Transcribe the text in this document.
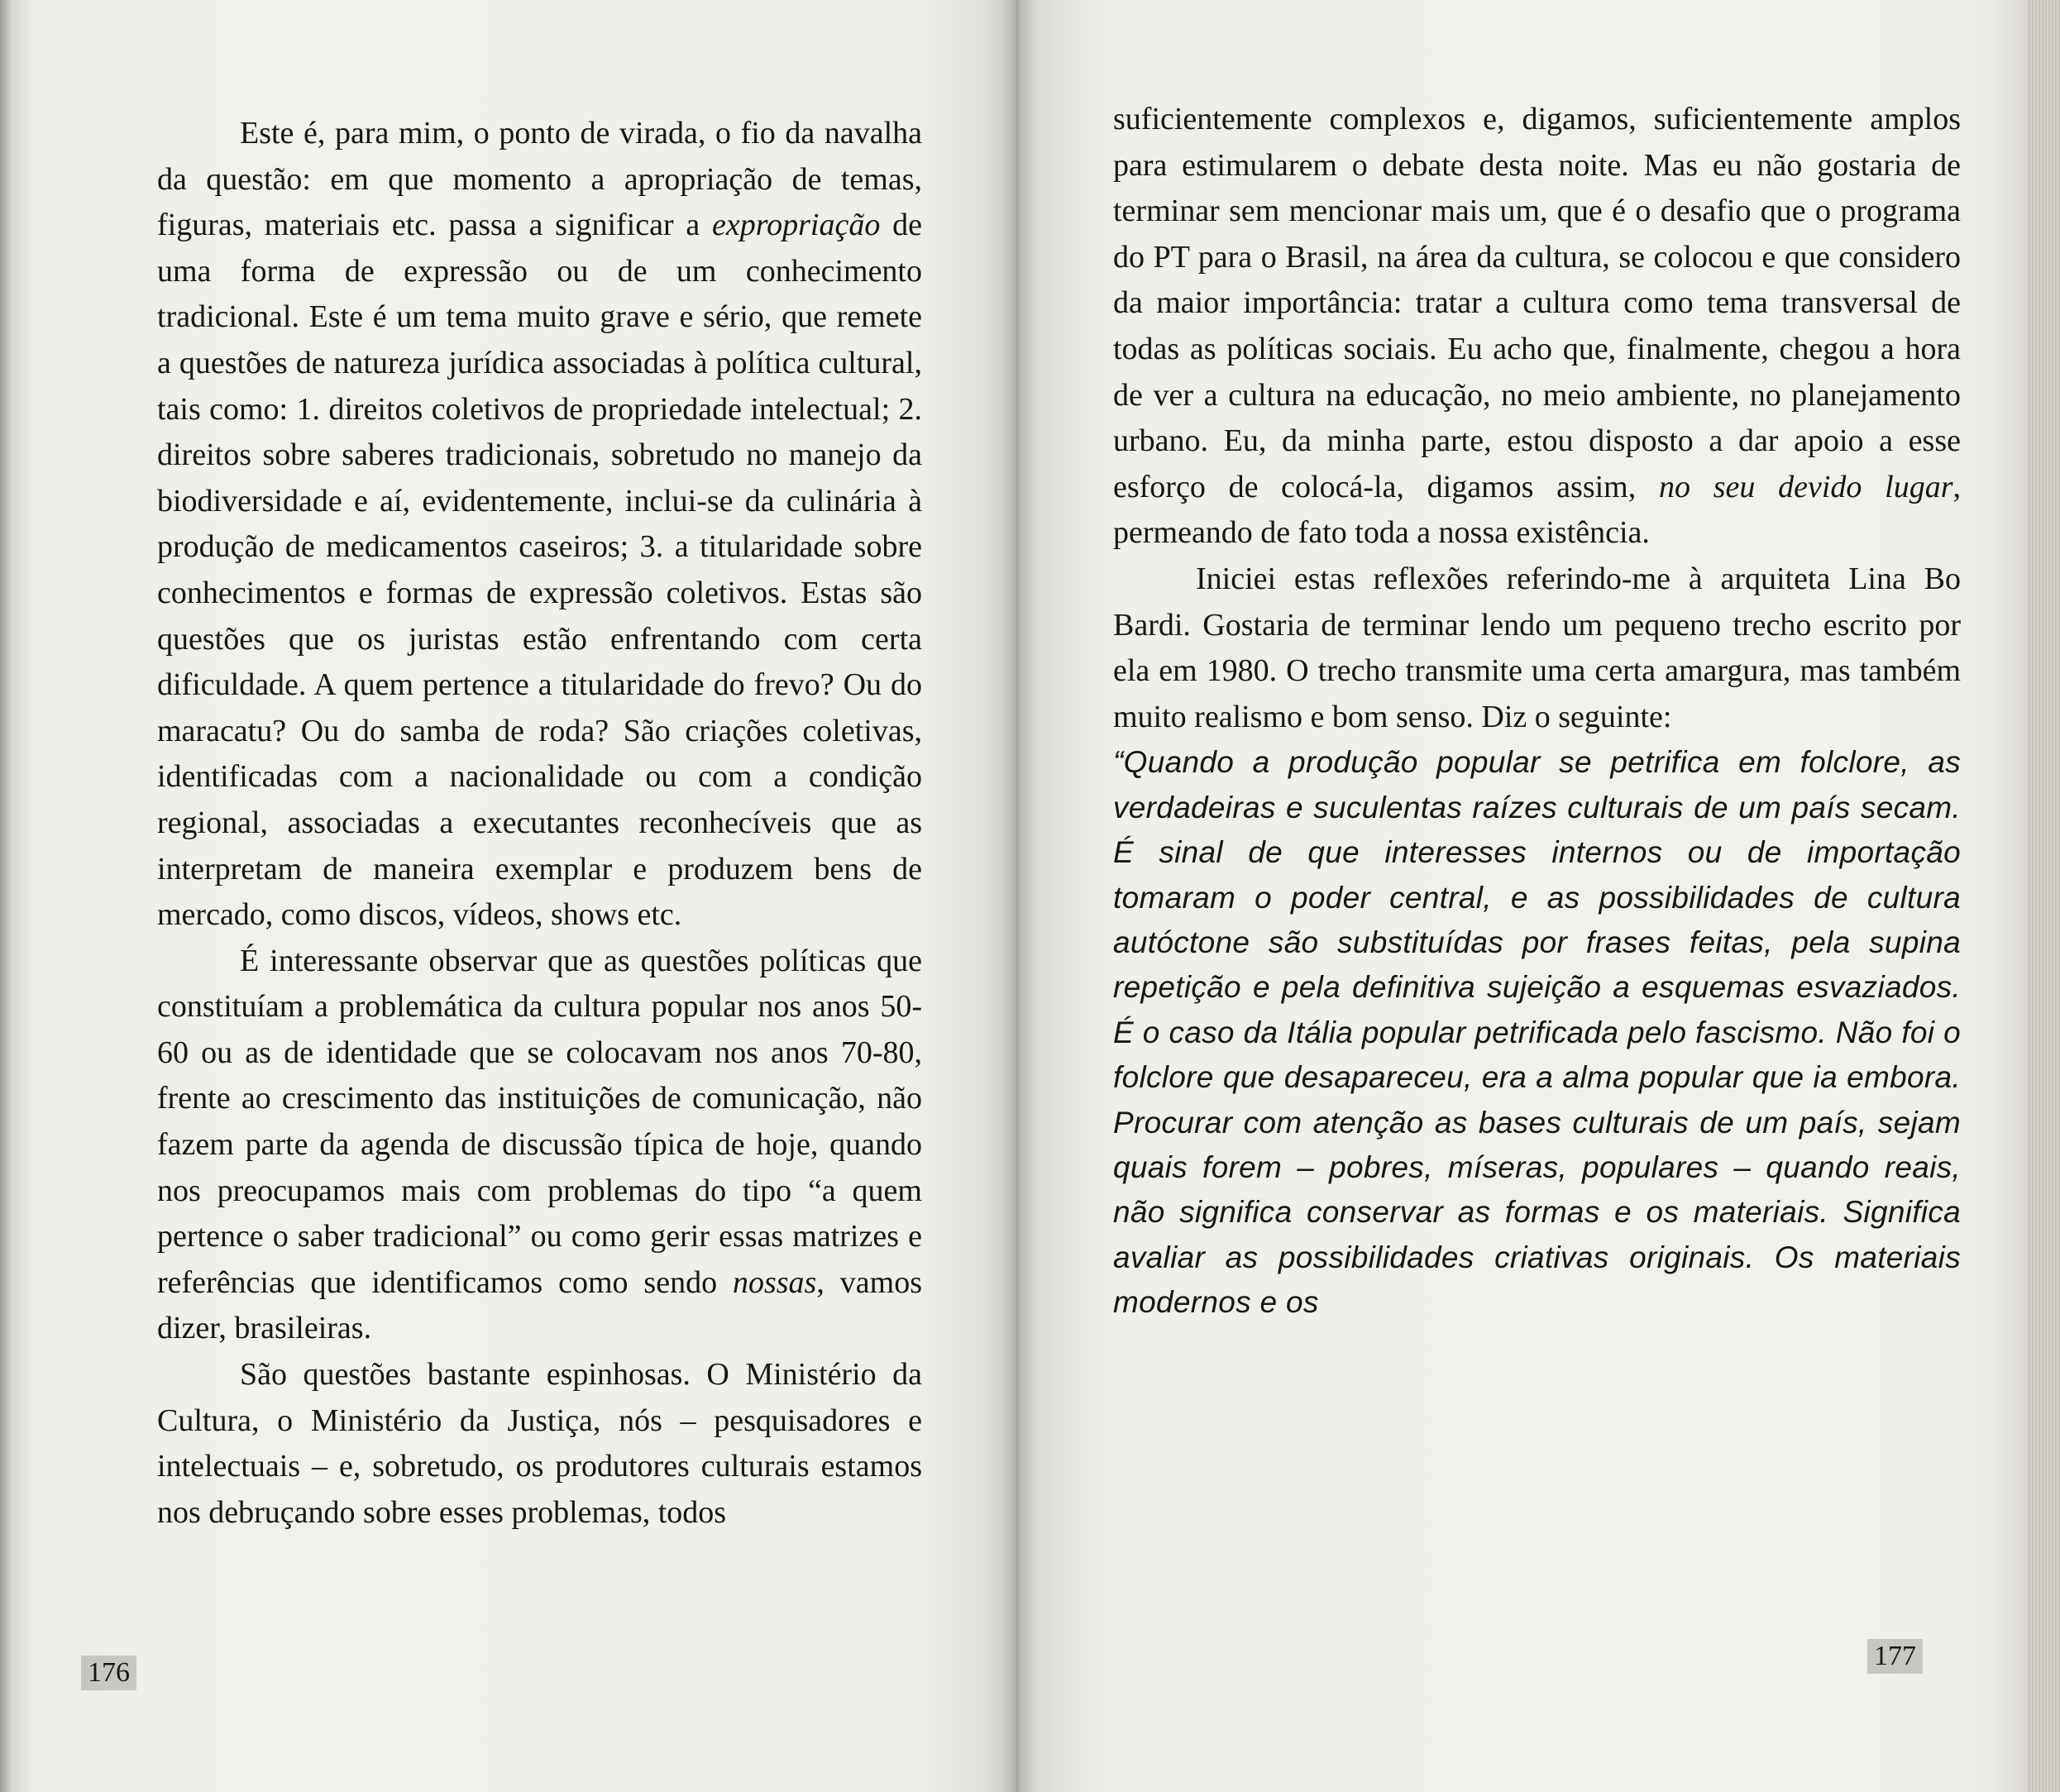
Este é, para mim, o ponto de virada, o fio da navalha da questão: em que momento a apropriação de temas, figuras, materiais etc. passa a significar a expropriação de uma forma de expressão ou de um conhecimento tradicional. Este é um tema muito grave e sério, que remete a questões de natureza jurídica associadas à política cultural, tais como: 1. direitos coletivos de propriedade intelectual; 2. direitos sobre saberes tradicionais, sobretudo no manejo da biodiversidade e aí, evidentemente, inclui-se da culinária à produção de medicamentos caseiros; 3. a titularidade sobre conhecimentos e formas de expressão coletivos. Estas são questões que os juristas estão enfrentando com certa dificuldade. A quem pertence a titularidade do frevo? Ou do maracatu? Ou do samba de roda? São criações coletivas, identificadas com a nacionalidade ou com a condição regional, associadas a executantes reconhecíveis que as interpretam de maneira exemplar e produzem bens de mercado, como discos, vídeos, shows etc.

É interessante observar que as questões políticas que constituíam a problemática da cultura popular nos anos 50-60 ou as de identidade que se colocavam nos anos 70-80, frente ao crescimento das instituições de comunicação, não fazem parte da agenda de discussão típica de hoje, quando nos preocupamos mais com problemas do tipo “a quem pertence o saber tradicional” ou como gerir essas matrizes e referências que identificamos como sendo nossas, vamos dizer, brasileiras.

São questões bastante espinhosas. O Ministério da Cultura, o Ministério da Justiça, nós – pesquisadores e intelectuais – e, sobretudo, os produtores culturais estamos nos debruçando sobre esses problemas, todos

176

suficientemente complexos e, digamos, suficientemente amplos para estimularem o debate desta noite. Mas eu não gostaria de terminar sem mencionar mais um, que é o desafio que o programa do PT para o Brasil, na área da cultura, se colocou e que considero da maior importância: tratar a cultura como tema transversal de todas as políticas sociais. Eu acho que, finalmente, chegou a hora de ver a cultura na educação, no meio ambiente, no planejamento urbano. Eu, da minha parte, estou disposto a dar apoio a esse esforço de colocá-la, digamos assim, no seu devido lugar, permeando de fato toda a nossa existência.

Iniciei estas reflexões referindo-me à arquiteta Lina Bo Bardi. Gostaria de terminar lendo um pequeno trecho escrito por ela em 1980. O trecho transmite uma certa amargura, mas também muito realismo e bom senso. Diz o seguinte:

“Quando a produção popular se petrifica em folclore, as verdadeiras e suculentas raízes culturais de um país secam. É sinal de que interesses internos ou de importação tomaram o poder central, e as possibilidades de cultura autóctone são substituídas por frases feitas, pela supina repetição e pela definitiva sujeição a esquemas esvaziados. É o caso da Itália popular petrificada pelo fascismo. Não foi o folclore que desapareceu, era a alma popular que ia embora. Procurar com atenção as bases culturais de um país, sejam quais forem – pobres, míseras, populares – quando reais, não significa conservar as formas e os materiais. Significa avaliar as possibilidades criativas originais. Os materiais modernos e os

177
